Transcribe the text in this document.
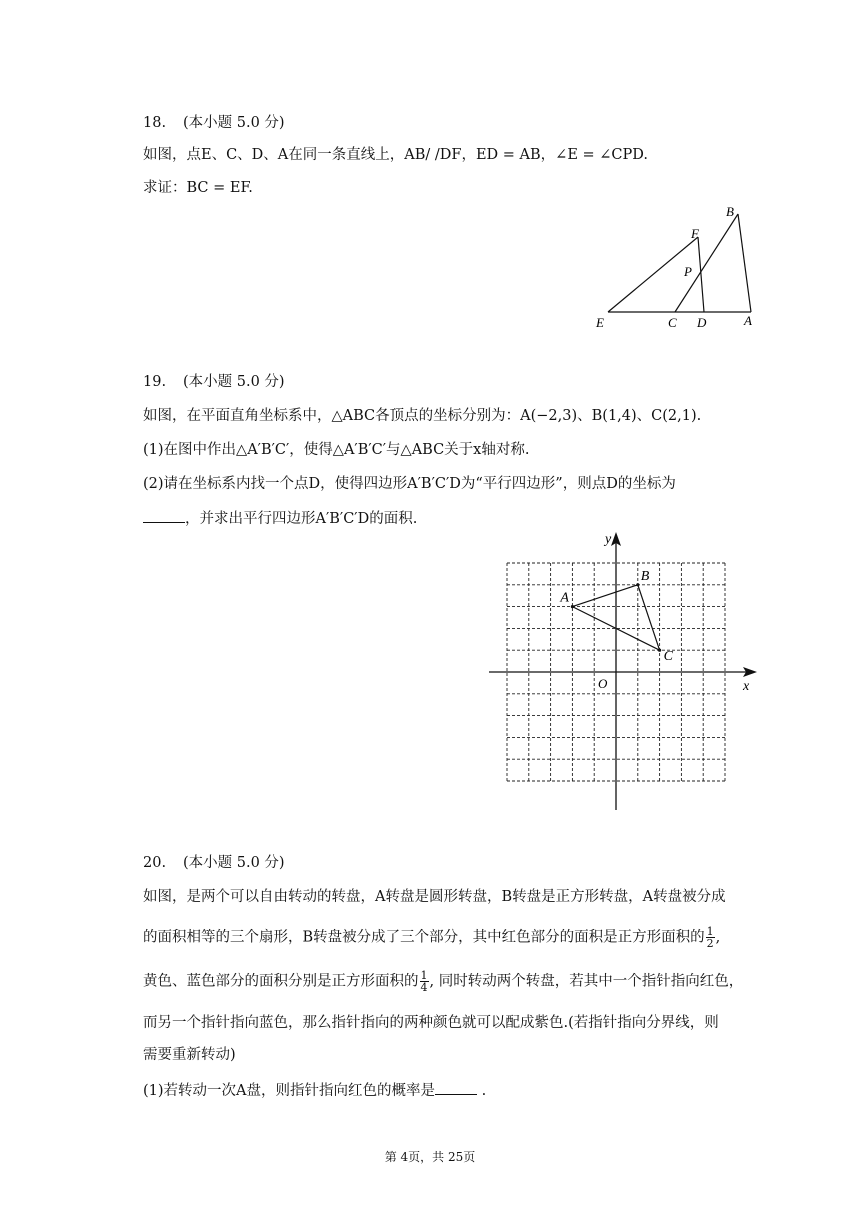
18. (本小题 5.0 分)
如图，点E、C、D、A在同一条直线上，AB/ /DF，ED = AB，∠E = ∠CPD.
求证：BC = EF.
E	C D	A
F
P
B
19. (本小题 5.0 分)
如图，在平面直角坐标系中，△ABC各顶点的坐标分别为：A(−2,3)、B(1,4)、C(2,1).
(1)在图中作出△A′B′C′，使得△A′B′C′与△ABC关于x轴对称.
(2)请在坐标系内找一个点D，使得四边形A′B′C′D为“平行四边形”，则点D的坐标为
，并求出平行四边形A′B′C′D的面积.
A
B
C
y
x
O
20. (本小题 5.0 分)
如图，是两个可以自由转动的转盘，A转盘是圆形转盘，B转盘是正方形转盘，A转盘被分成
的面积相等的三个扇形，B转盘被分成了三个部分，其中红色部分的面积是正方形面积的 $\frac{1}{2}$ ,
黄色、蓝色部分的面积分别是正方形面积的 $\frac{1}{4}$ , 同时转动两个转盘，若其中一个指针指向红色，
而另一个指针指向蓝色，那么指针指向的两种颜色就可以配成紫色.(若指针指向分界线，则
需要重新转动)
(1)若转动一次A盘，则指针指向红色的概率是	.
第 4页，共 25页
